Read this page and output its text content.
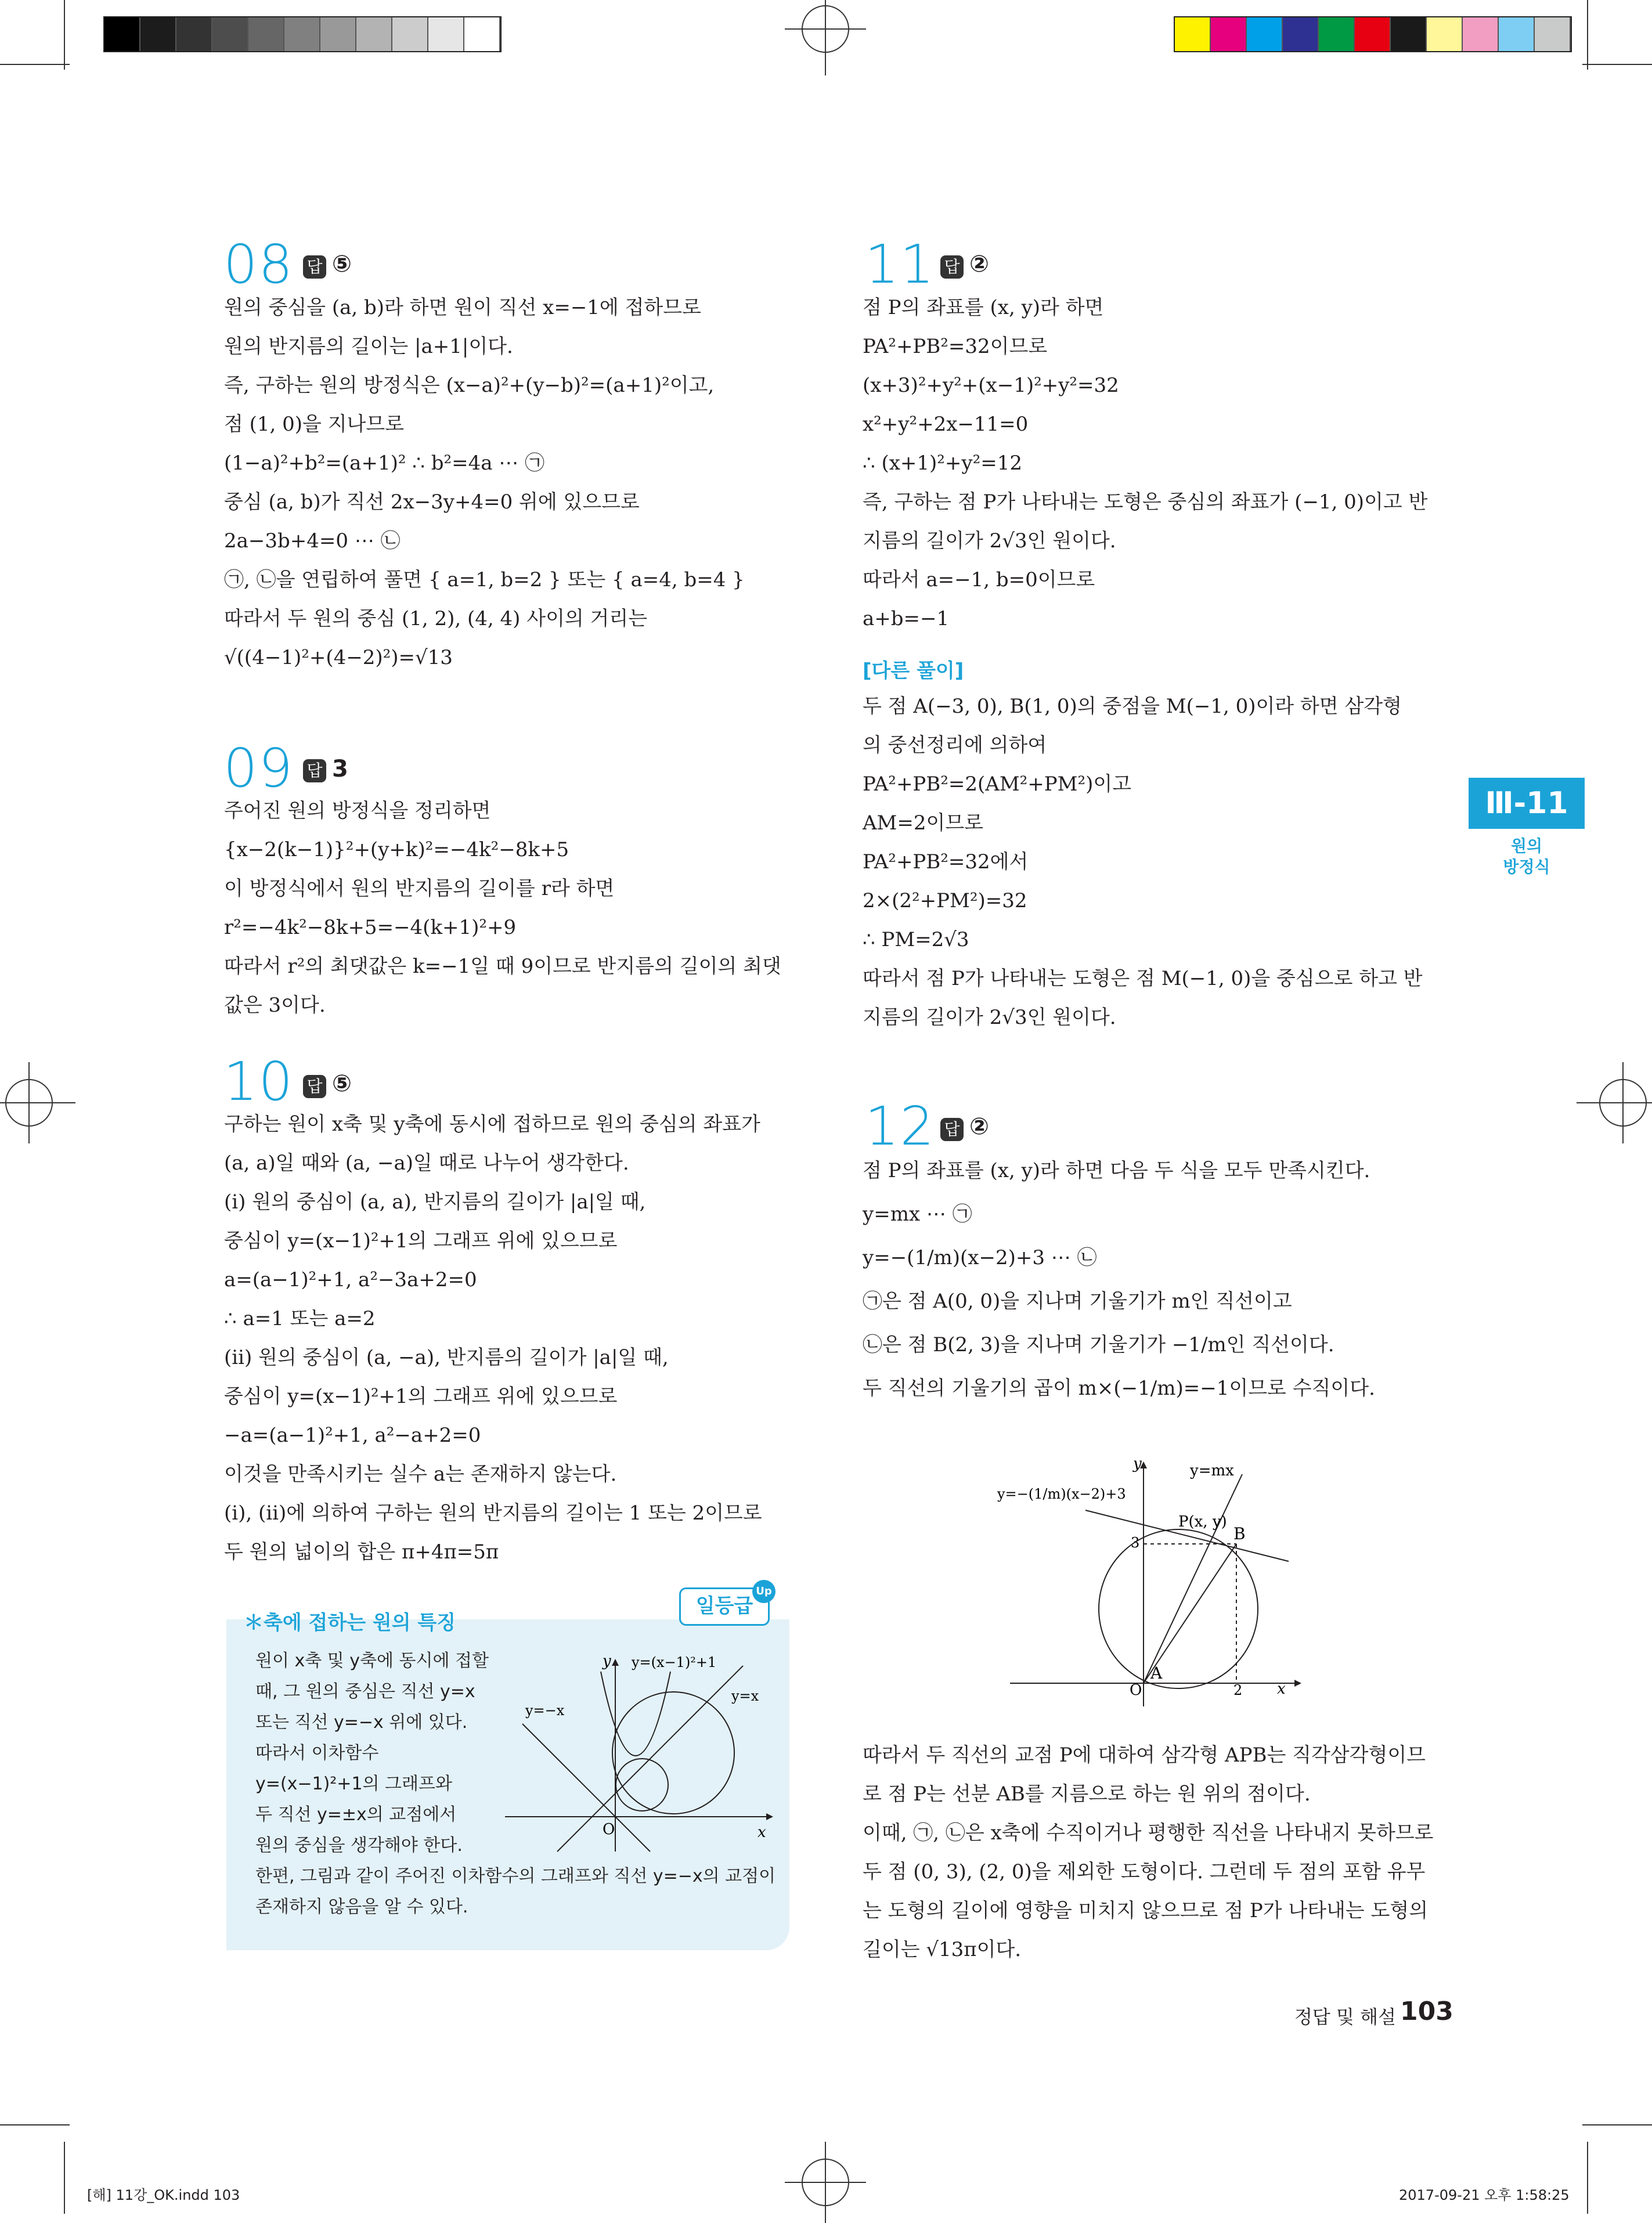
08 답 ⑤
원의 중심을 (a, b)라 하면 원이 직선 x=−1에 접하므로
원의 반지름의 길이는 |a+1|이다.
즉, 구하는 원의 방정식은 (x−a)²+(y−b)²=(a+1)²이고,
점 (1, 0)을 지나므로
(1−a)²+b²=(a+1)² ∴ b²=4a ⋯ ㉠
중심 (a, b)가 직선 2x−3y+4=0 위에 있으므로
2a−3b+4=0 ⋯ ㉡
㉠, ㉡을 연립하여 풀면 { a=1, b=2 } 또는 { a=4, b=4 }
따라서 두 원의 중심 (1, 2), (4, 4) 사이의 거리는
√((4−1)²+(4−2)²)=√13
09 답 3
주어진 원의 방정식을 정리하면
{x−2(k−1)}²+(y+k)²=−4k²−8k+5
이 방정식에서 원의 반지름의 길이를 r라 하면
r²=−4k²−8k+5=−4(k+1)²+9
따라서 r²의 최댓값은 k=−1일 때 9이므로 반지름의 길이의 최댓
값은 3이다.
10 답 ⑤
구하는 원이 x축 및 y축에 동시에 접하므로 원의 중심의 좌표가
(a, a)일 때와 (a, −a)일 때로 나누어 생각한다.
(ⅰ) 원의 중심이 (a, a), 반지름의 길이가 |a|일 때,
중심이 y=(x−1)²+1의 그래프 위에 있으므로
a=(a−1)²+1, a²−3a+2=0
∴ a=1 또는 a=2
(ⅱ) 원의 중심이 (a, −a), 반지름의 길이가 |a|일 때,
중심이 y=(x−1)²+1의 그래프 위에 있으므로
−a=(a−1)²+1, a²−a+2=0
이것을 만족시키는 실수 a는 존재하지 않는다.
(ⅰ), (ⅱ)에 의하여 구하는 원의 반지름의 길이는 1 또는 2이므로
두 원의 넓이의 합은 π+4π=5π
＊축에 접하는 원의 특징
일등급
Up
원이 x축 및 y축에 동시에 접할
때, 그 원의 중심은 직선 y=x
또는 직선 y=−x 위에 있다.
따라서 이차함수
y=(x−1)²+1의 그래프와
두 직선 y=±x의 교점에서
원의 중심을 생각해야 한다.
한편, 그림과 같이 주어진 이차함수의 그래프와 직선 y=−x의 교점이
존재하지 않음을 알 수 있다.
O	x
y y=(x−1)²+1
y=x
y=−x
11 답 ②
점 P의 좌표를 (x, y)라 하면
PA²+PB²=32이므로
(x+3)²+y²+(x−1)²+y²=32
x²+y²+2x−11=0
∴ (x+1)²+y²=12
즉, 구하는 점 P가 나타내는 도형은 중심의 좌표가 (−1, 0)이고 반
지름의 길이가 2√3인 원이다.
따라서 a=−1, b=0이므로
a+b=−1
[다른 풀이]
두 점 A(−3, 0), B(1, 0)의 중점을 M(−1, 0)이라 하면 삼각형
의 중선정리에 의하여
PA²+PB²=2(AM²+PM²)이고
AM=2이므로
PA²+PB²=32에서
2×(2²+PM²)=32
∴ PM=2√3
따라서 점 P가 나타내는 도형은 점 M(−1, 0)을 중심으로 하고 반
지름의 길이가 2√3인 원이다.
12 답 ②
점 P의 좌표를 (x, y)라 하면 다음 두 식을 모두 만족시킨다.
y=mx ⋯ ㉠
y=−(1/m)(x−2)+3 ⋯ ㉡
㉠은 점 A(0, 0)을 지나며 기울기가 m인 직선이고
㉡은 점 B(2, 3)을 지나며 기울기가 −1/m인 직선이다.
두 직선의 기울기의 곱이 m×(−1/m)=−1이므로 수직이다.
O
A
2
3	B
P(x, y)
x
y	y=mx
y=−(1/m)(x−2)+3
따라서 두 직선의 교점 P에 대하여 삼각형 APB는 직각삼각형이므
로 점 P는 선분 AB를 지름으로 하는 원 위의 점이다.
이때, ㉠, ㉡은 x축에 수직이거나 평행한 직선을 나타내지 못하므로
두 점 (0, 3), (2, 0)을 제외한 도형이다. 그런데 두 점의 포함 유무
는 도형의 길이에 영향을 미치지 않으므로 점 P가 나타내는 도형의
길이는 √13π이다.
Ⅲ-11
원의
방정식
정답 및 해설 103
[해] 11강_OK.indd 103	2017-09-21 오후 1:58:25
